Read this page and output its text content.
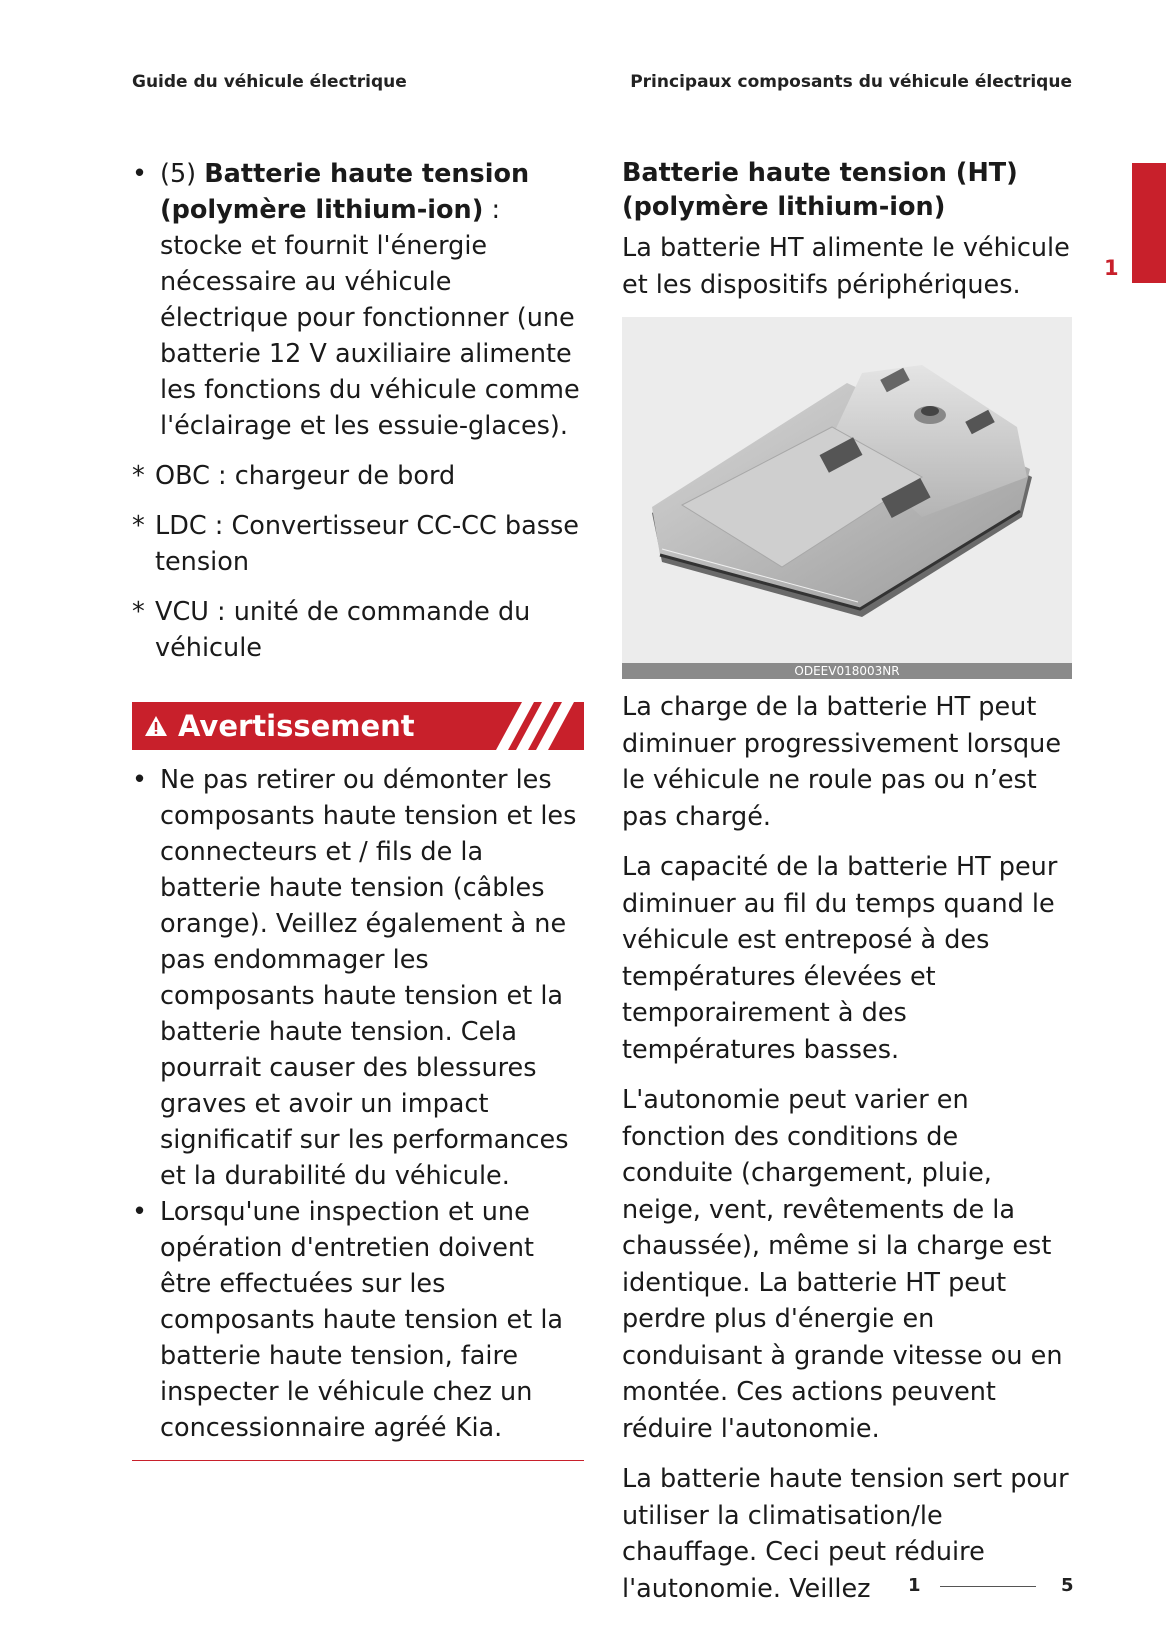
Guide du véhicule électrique	Principaux composants du véhicule électrique
1
• (5) Batterie haute tension (polymère lithium-ion) : stocke et fournit l'énergie nécessaire au véhicule électrique pour fonctionner (une batterie 12 V auxiliaire alimente les fonctions du véhicule comme l'éclairage et les essuie-glaces).
* OBC : chargeur de bord
* LDC : Convertisseur CC-CC basse tension
* VCU : unité de commande du véhicule
Avertissement
• Ne pas retirer ou démonter les composants haute tension et les connecteurs et / fils de la batterie haute tension (câbles orange). Veillez également à ne pas endommager les composants haute tension et la batterie haute tension. Cela pourrait causer des blessures graves et avoir un impact significatif sur les performances et la durabilité du véhicule.
• Lorsqu'une inspection et une opération d'entretien doivent être effectuées sur les composants haute tension et la batterie haute tension, faire inspecter le véhicule chez un concessionnaire agréé Kia.
Batterie haute tension (HT) (polymère lithium-ion)
La batterie HT alimente le véhicule et les dispositifs périphériques.
ODEEV018003NR
La charge de la batterie HT peut diminuer progressivement lorsque le véhicule ne roule pas ou n’est pas chargé.
La capacité de la batterie HT peur diminuer au fil du temps quand le véhicule est entreposé à des températures élevées et temporairement à des températures basses.
L'autonomie peut varier en fonction des conditions de conduite (chargement, pluie, neige, vent, revêtements de la chaussée), même si la charge est identique. La batterie HT peut perdre plus d'énergie en conduisant à grande vitesse ou en montée. Ces actions peuvent réduire l'autonomie.
La batterie haute tension sert pour utiliser la climatisation/le chauffage. Ceci peut réduire l'autonomie. Veillez	1	5
